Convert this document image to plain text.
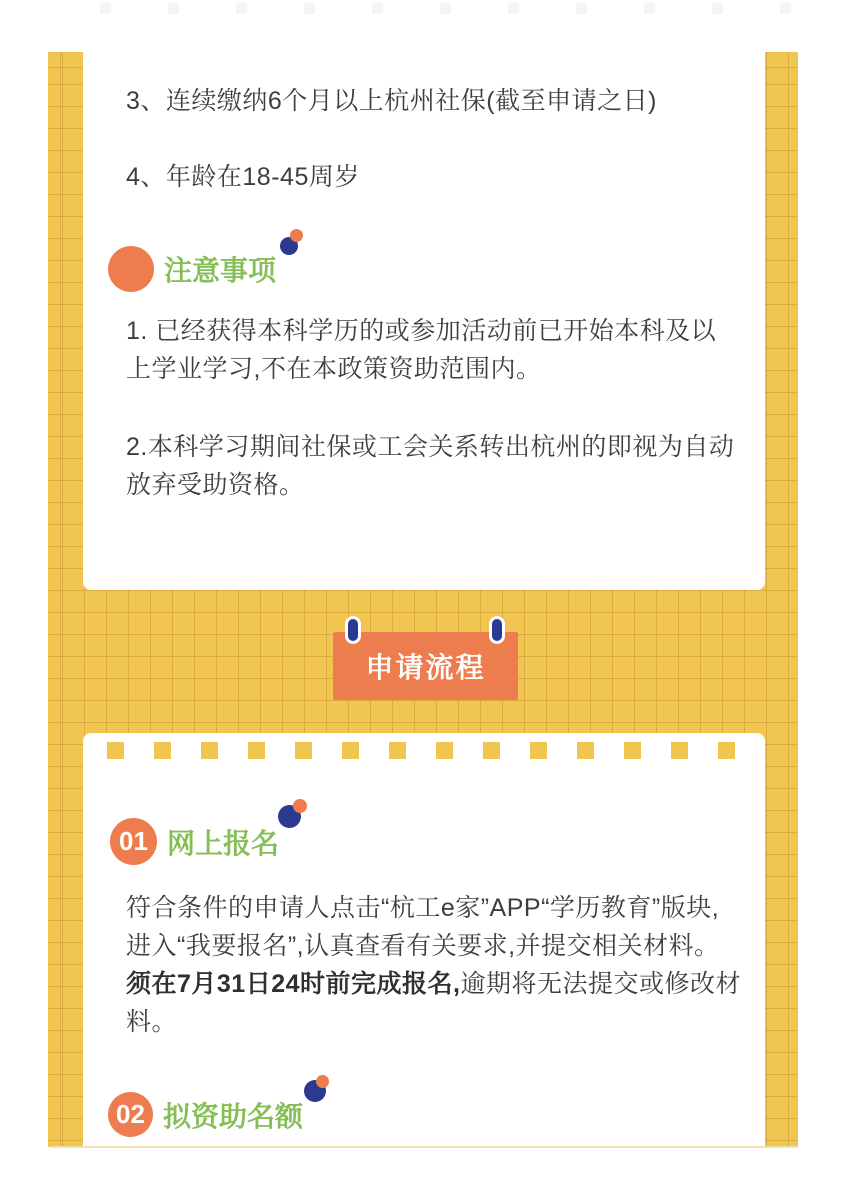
3、连续缴纳6个月以上杭州社保(截至申请之日)
4、年龄在18-45周岁
注意事项
1. 已经获得本科学历的或参加活动前已开始本科及以上学业学习,不在本政策资助范围内。
2.本科学习期间社保或工会关系转出杭州的即视为自动放弃受助资格。
申请流程
01 网上报名
符合条件的申请人点击“杭工e家”APP“学历教育”版块,进入“我要报名”,认真查看有关要求,并提交相关材料。须在7月31日24时前完成报名,逾期将无法提交或修改材料。
02 拟资助名额
